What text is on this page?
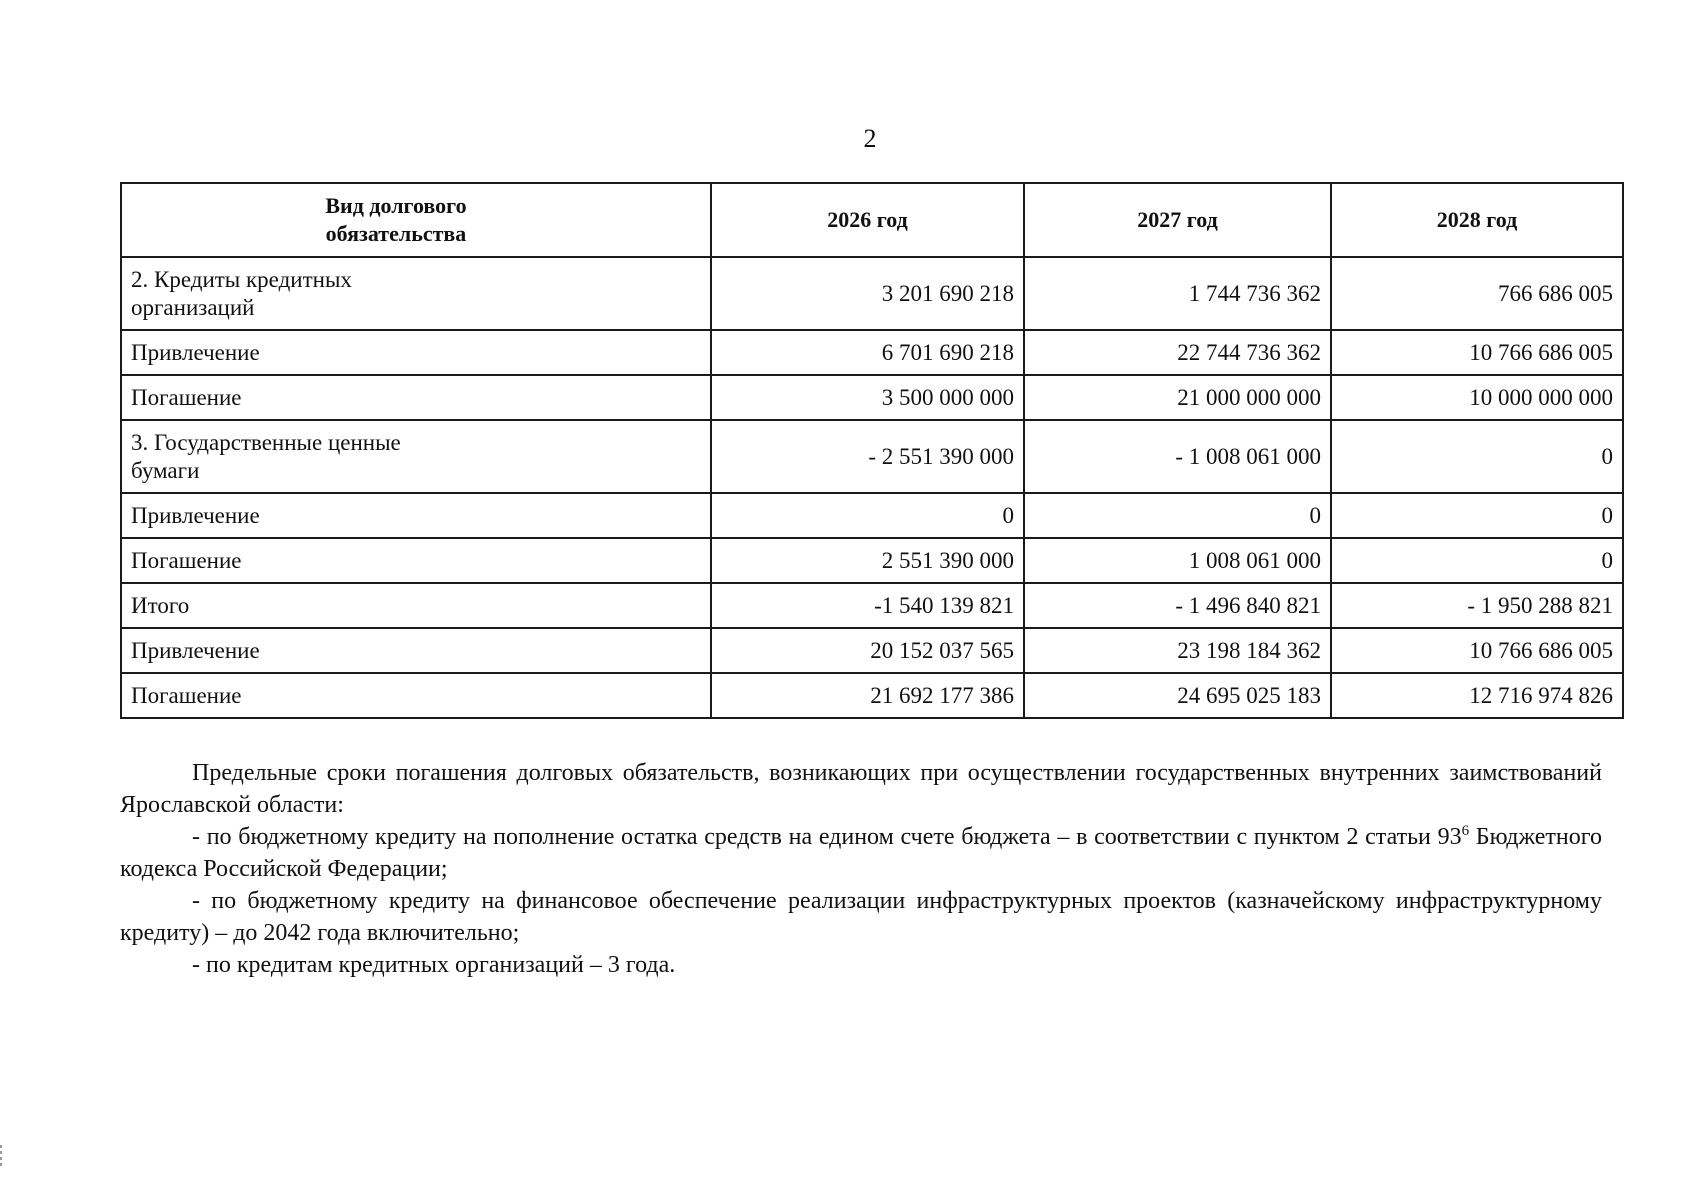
2
Вид долгового обязательства	2026 год	2027 год	2028 год
2. Кредиты кредитных организаций	3 201 690 218	1 744 736 362	766 686 005
Привлечение	6 701 690 218	22 744 736 362	10 766 686 005
Погашение	3 500 000 000	21 000 000 000	10 000 000 000
3. Государственные ценные бумаги	- 2 551 390 000	- 1 008 061 000	0
Привлечение	0	0	0
Погашение	2 551 390 000	1 008 061 000	0
Итого	-1 540 139 821	- 1 496 840 821	- 1 950 288 821
Привлечение	20 152 037 565	23 198 184 362	10 766 686 005
Погашение	21 692 177 386	24 695 025 183	12 716 974 826

Предельные сроки погашения долговых обязательств, возникающих при осуществлении государственных внутренних заимствований Ярославской области:

- по бюджетному кредиту на пополнение остатка средств на едином счете бюджета – в соответствии с пунктом 2 статьи $93^6$ Бюджетного кодекса Российской Федерации;

- по бюджетному кредиту на финансовое обеспечение реализации инфраструктурных проектов (казначейскому инфраструктурному кредиту) – до 2042 года включительно;

- по кредитам кредитных организаций – 3 года.
